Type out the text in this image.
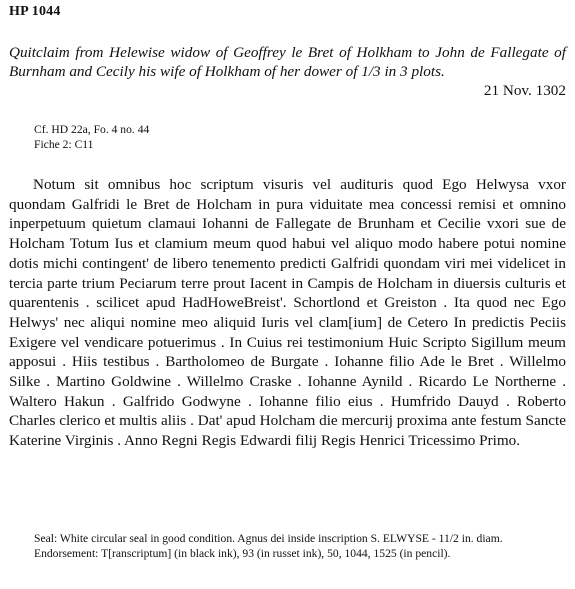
HP 1044
Quitclaim from Helewise widow of Geoffrey le Bret of Holkham to John de Fallegate of Burnham and Cecily his wife of Holkham of her dower of 1/3 in 3 plots.
21 Nov. 1302
Cf. HD 22a, Fo. 4 no. 44
Fiche 2: C11
Notum sit omnibus hoc scriptum visuris vel audituris quod Ego Helwysa vxor quondam Galfridi le Bret de Holcham in pura viduitate mea concessi remisi et omnino inperpetuum quietum clamaui Iohanni de Fallegate de Brunham et Cecilie vxori sue de Holcham Totum Ius et clamium meum quod habui vel aliquo modo habere potui nomine dotis michi contingent' de libero tenemento predicti Galfridi quondam viri mei videlicet in tercia parte trium Peciarum terre prout Iacent in Campis de Holcham in diuersis culturis et quarentenis . scilicet apud HadHoweBreist'. Schortlond et Greiston . Ita quod nec Ego Helwys' nec aliqui nomine meo aliquid Iuris vel clam[ium] de Cetero In predictis Peciis Exigere vel vendicare potuerimus . In Cuius rei testimonium Huic Scripto Sigillum meum apposui . Hiis testibus . Bartholomeo de Burgate . Iohanne filio Ade le Bret . Willelmo Silke . Martino Goldwine . Willelmo Craske . Iohanne Aynild . Ricardo Le Northerne . Waltero Hakun . Galfrido Godwyne . Iohanne filio eius . Humfrido Dauyd . Roberto Charles clerico et multis aliis . Dat' apud Holcham die mercurij proxima ante festum Sancte Katerine Virginis . Anno Regni Regis Edwardi filij Regis Henrici Tricessimo Primo.
Seal: White circular seal in good condition. Agnus dei inside inscription S. ELWYSE - 11/2 in. diam.
Endorsement: T[ranscriptum] (in black ink), 93 (in russet ink), 50, 1044, 1525 (in pencil).
